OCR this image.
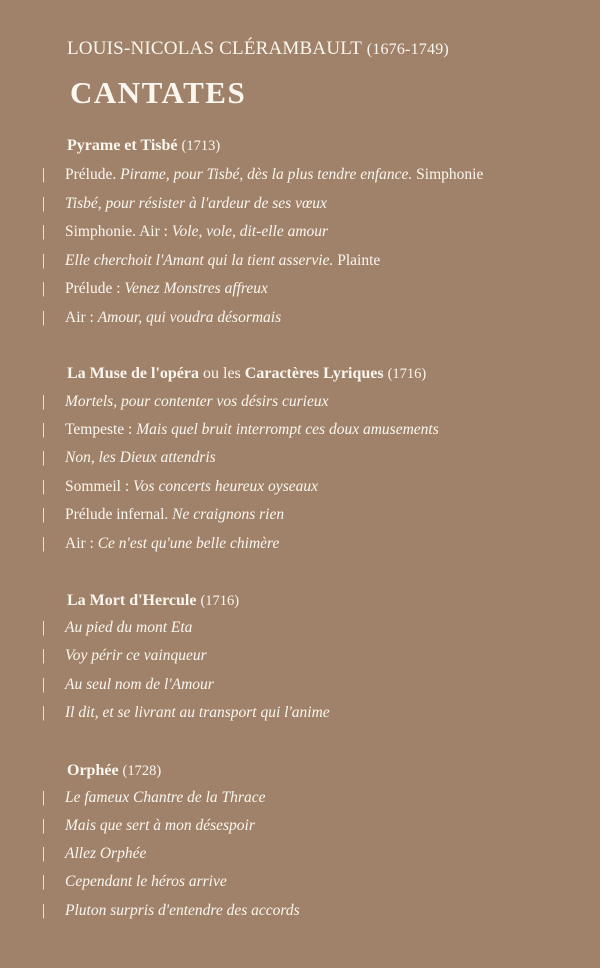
LOUIS-NICOLAS CLÉRAMBAULT (1676-1749)
CANTATES
Pyrame et Tisbé (1713)
| Prélude. Pirame, pour Tisbé, dès la plus tendre enfance. Simphonie
| Tisbé, pour résister à l'ardeur de ses vœux
| Simphonie. Air : Vole, vole, dit-elle amour
| Elle cherchoit l'Amant qui la tient asservie. Plainte
| Prélude : Venez Monstres affreux
| Air : Amour, qui voudra désormais
La Muse de l'opéra ou les Caractères Lyriques (1716)
| Mortels, pour contenter vos désirs curieux
| Tempeste : Mais quel bruit interrompt ces doux amusements
| Non, les Dieux attendris
| Sommeil : Vos concerts heureux oyseaux
| Prélude infernal. Ne craignons rien
| Air : Ce n'est qu'une belle chimère
La Mort d'Hercule (1716)
| Au pied du mont Eta
| Voy périr ce vainqueur
| Au seul nom de l'Amour
| Il dit, et se livrant au transport qui l'anime
Orphée (1728)
| Le fameux Chantre de la Thrace
| Mais que sert à mon désespoir
| Allez Orphée
| Cependant le héros arrive
| Pluton surpris d'entendre des accords
